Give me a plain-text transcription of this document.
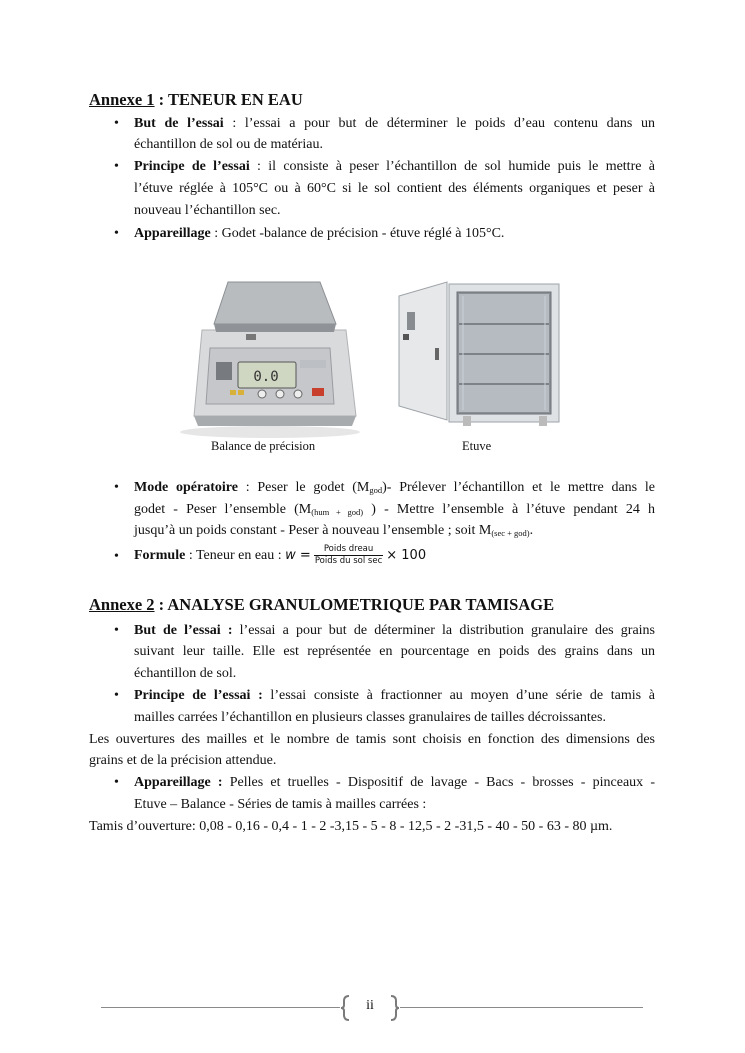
Annexe 1 : TENEUR EN EAU
• But de l’essai : l’essai a pour but de déterminer le poids d’eau contenu dans un
échantillon de sol ou de matériau.
• Principe de l’essai : il consiste à peser l’échantillon de sol humide puis le mettre à
l’étuve réglée à 105°C ou à 60°C si le sol contient des éléments organiques et peser à
nouveau l’échantillon sec.
• Appareillage : Godet -balance de précision - étuve réglé à 105°C.
0.0
Balance de précision	Etuve
• Mode opératoire : Peser le godet $(M_{god})-$ Prélever l’échantillon et le mettre dans le
godet - Peser l’ensemble ($M_{(hum + god)}$ ) - Mettre l’ensemble à l’étuve pendant 24 h
jusqu’à un poids constant - Peser à nouveau l’ensemble ; soit $M_{(sec + god)}$.
• Formule : Teneur en eau : $w = \frac{\text{Poids dreau}}{\text{Poids du sol sec}} \times 100$
Annexe 2 : ANALYSE GRANULOMETRIQUE PAR TAMISAGE
• But de l’essai : l’essai a pour but de déterminer la distribution granulaire des grains
suivant leur taille. Elle est représentée en pourcentage en poids des grains dans un
échantillon de sol.
• Principe de l’essai : l’essai consiste à fractionner au moyen d’une série de tamis à
mailles carrées l’échantillon en plusieurs classes granulaires de tailles décroissantes.
Les ouvertures des mailles et le nombre de tamis sont choisis en fonction des dimensions des
grains et de la précision attendue.
• Appareillage : Pelles et truelles - Dispositif de lavage - Bacs - brosses - pinceaux -
Etuve – Balance - Séries de tamis à mailles carrées :
Tamis d’ouverture: 0,08 - 0,16 - 0,4 - 1 - 2 -3,15 - 5 - 8 - 12,5 - 2 -31,5 - 40 - 50 - 63 - 80 µm.
ii
